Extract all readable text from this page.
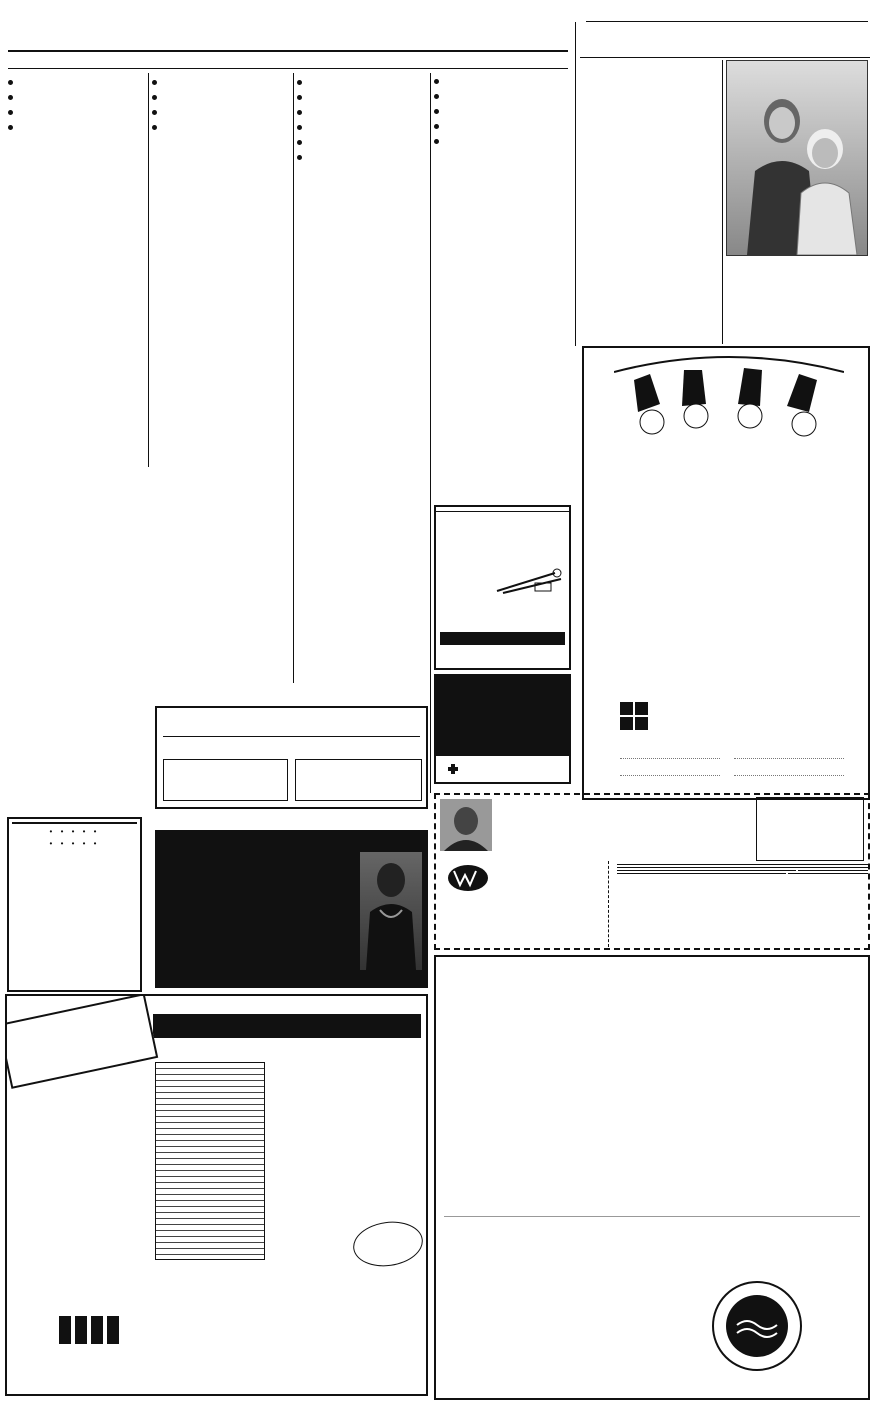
• • • • •
• • • • •
